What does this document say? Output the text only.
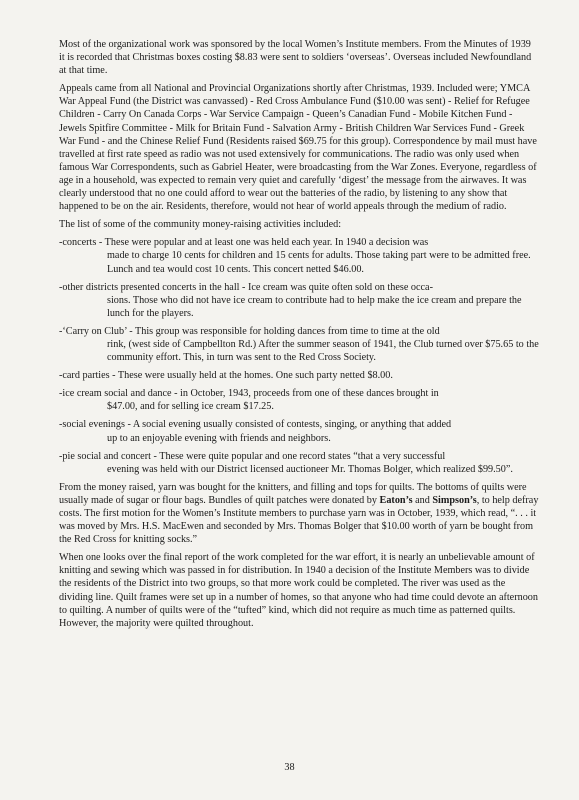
Most of the organizational work was sponsored by the local Women’s Institute members. From the Minutes of 1939 it is recorded that Christmas boxes costing $8.83 were sent to soldiers ‘overseas’. Overseas included Newfoundland at that time.

Appeals came from all National and Provincial Organizations shortly after Christmas, 1939. Included were; YMCA War Appeal Fund (the District was canvassed) - Red Cross Ambulance Fund ($10.00 was sent) - Relief for Refugee Children - Carry On Canada Corps - War Service Campaign - Queen’s Canadian Fund - Mobile Kitchen Fund - Jewels Spitfire Committee - Milk for Britain Fund - Salvation Army - British Children War Services Fund - Greek War Fund - and the Chinese Relief Fund (Residents raised $69.75 for this group). Correspondence by mail must have travelled at first rate speed as radio was not used extensively for communications. The radio was only used when famous War Correspondents, such as Gabriel Heater, were broadcasting from the War Zones. Everyone, regardless of age in a household, was expected to remain very quiet and carefully ‘digest’ the message from the airwaves. It was clearly understood that no one could afford to wear out the batteries of the radio, by listening to any show that happened to be on the air. Residents, therefore, would not hear of world appeals through the medium of radio.

The list of some of the community money-raising activities included:

-concerts - These were popular and at least one was held each year. In 1940 a decision was
made to charge 10 cents for children and 15 cents for adults. Those taking part were to be admitted free. Lunch and tea would cost 10 cents. This concert netted $46.00.
-other districts presented concerts in the hall - Ice cream was quite often sold on these occa-
sions. Those who did not have ice cream to contribute had to help make the ice cream and prepare the lunch for the players.
-‘Carry on Club’ - This group was responsible for holding dances from time to time at the old
rink, (west side of Campbellton Rd.) After the summer season of 1941, the Club turned over $75.65 to the community effort. This, in turn was sent to the Red Cross Society.
-card parties - These were usually held at the homes. One such party netted $8.00.
-ice cream social and dance - in October, 1943, proceeds from one of these dances brought in
$47.00, and for selling ice cream $17.25.
-social evenings - A social evening usually consisted of contests, singing, or anything that added
up to an enjoyable evening with friends and neighbors.
-pie social and concert - These were quite popular and one record states “that a very successful
evening was held with our District licensed auctioneer Mr. Thomas Bolger, which realized $99.50”.

From the money raised, yarn was bought for the knitters, and filling and tops for quilts. The bottoms of quilts were usually made of sugar or flour bags. Bundles of quilt patches were donated by Eaton’s and Simpson’s, to help defray costs. The first motion for the Women’s Institute members to purchase yarn was in October, 1939, which read, “. . . it was moved by Mrs. H.S. MacEwen and seconded by Mrs. Thomas Bolger that $10.00 worth of yarn be bought from the Red Cross for knitting socks.”

When one looks over the final report of the work completed for the war effort, it is nearly an unbelievable amount of knitting and sewing which was passed in for distribution. In 1940 a decision of the Institute Members was to divide the residents of the District into two groups, so that more work could be completed. The river was used as the dividing line. Quilt frames were set up in a number of homes, so that anyone who had time could devote an afternoon to quilting. A number of quilts were of the “tufted” kind, which did not require as much time as patterned quilts. However, the majority were quilted throughout.

38
